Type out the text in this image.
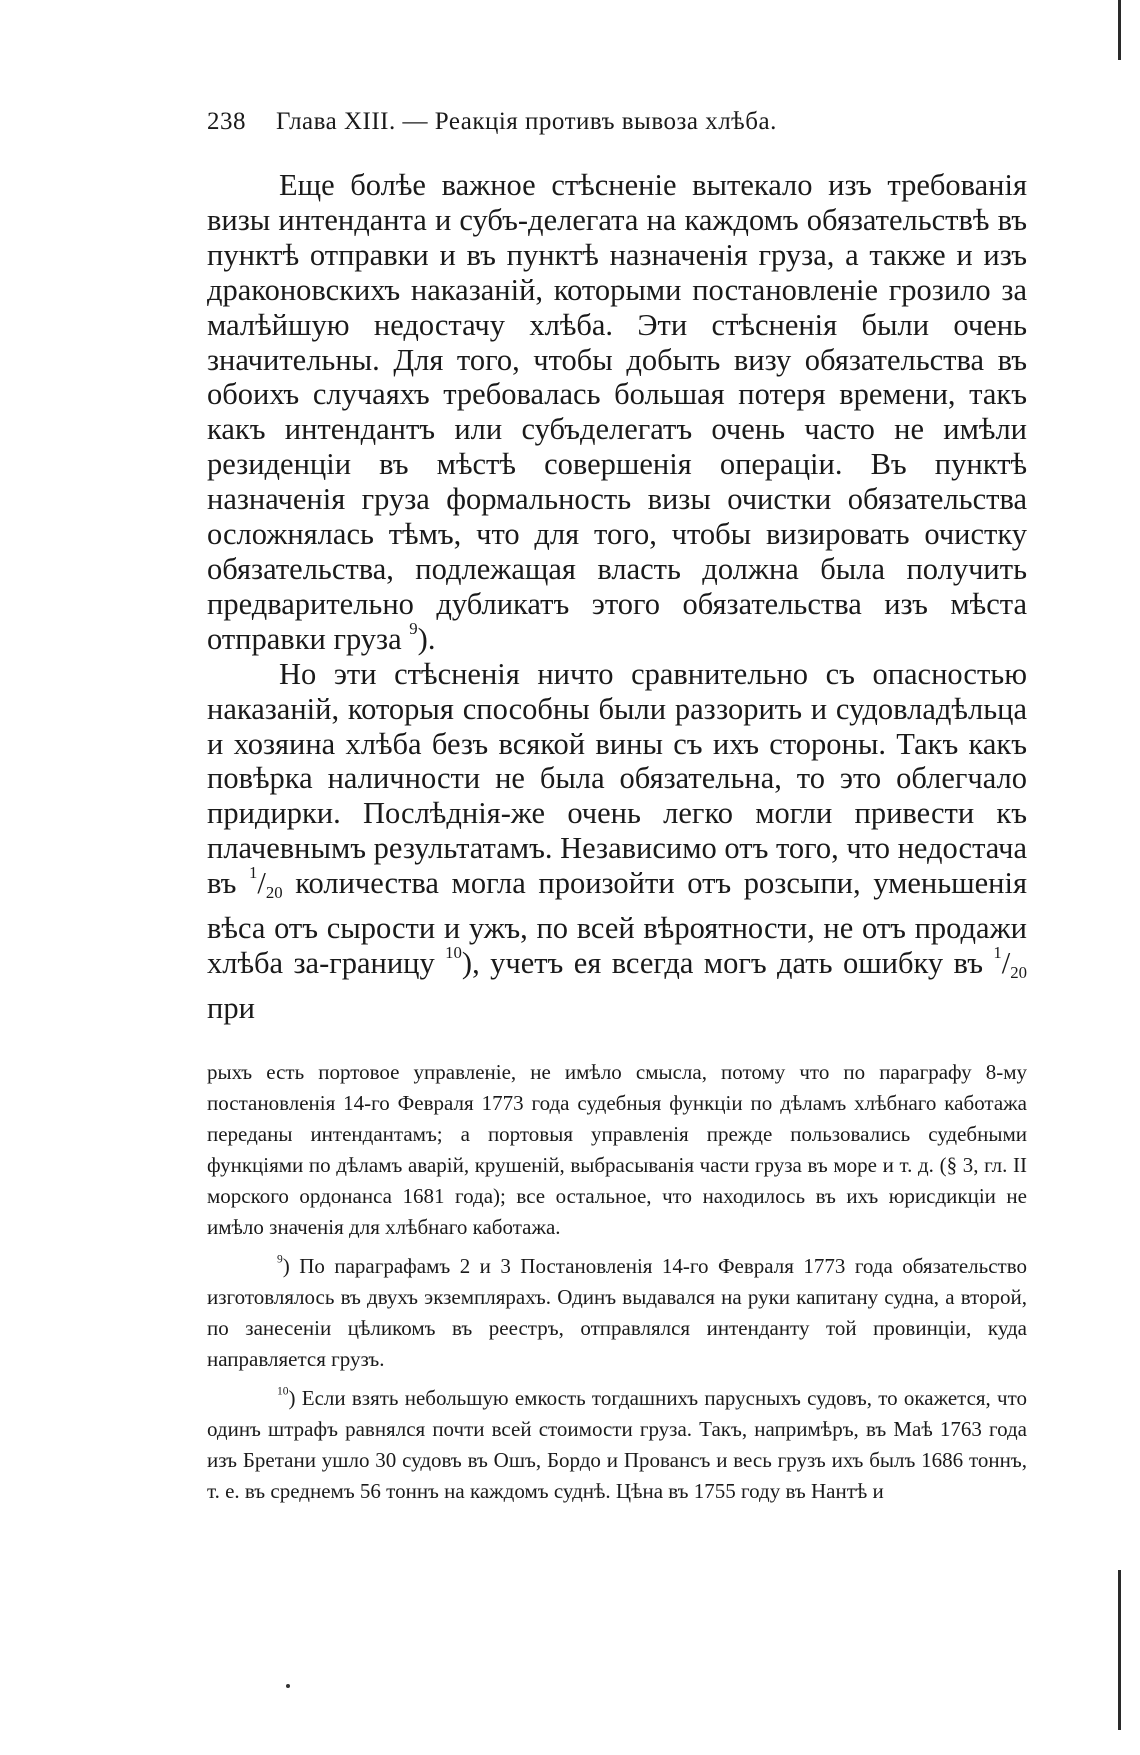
238 Глава XIII. — Реакція противъ вывоза хлѣба.

Еще болѣе важное стѣсненіе вытекало изъ требованія визы интенданта и субъ-делегата на каждомъ обязательствѣ въ пунктѣ отправки и въ пунктѣ назначенія груза, а также и изъ драконовскихъ наказаній, которыми постановленіе грозило за малѣйшую недостачу хлѣба. Эти стѣсненія были очень значительны. Для того, чтобы добыть визу обязательства въ обоихъ случаяхъ требовалась большая потеря времени, такъ какъ интендантъ или субъделегатъ очень часто не имѣли резиденціи въ мѣстѣ совершенія операціи. Въ пунктѣ назначенія груза формальность визы очистки обязательства осложнялась тѣмъ, что для того, чтобы визировать очистку обязательства, подлежащая власть должна была получить предварительно дубликатъ этого обязательства изъ мѣста отправки груза $^9$).

Но эти стѣсненія ничто сравнительно съ опасностью наказаній, которыя способны были раззорить и судовладѣльца и хозяина хлѣба безъ всякой вины съ ихъ стороны. Такъ какъ повѣрка наличности не была обязательна, то это облегчало придирки. Послѣднія-же очень легко могли привести къ плачевнымъ результатамъ. Независимо отъ того, что недостача въ $^1$/20 количества могла произойти отъ розсыпи, уменьшенія вѣса отъ сырости и ужъ, по всей вѣроятности, не отъ продажи хлѣба за-границу $^{10}$), учетъ ея всегда могъ дать ошибку въ $^1$/20 при

рыхъ есть портовое управленіе, не имѣло смысла, потому что по параграфу 8-му постановленія 14-го Февраля 1773 года судебныя функціи по дѣламъ хлѣбнаго каботажа переданы интендантамъ; а портовыя управленія прежде пользовались судебными функціями по дѣламъ аварій, крушеній, выбрасыванія части груза въ море и т. д. (§ 3, гл. II морского ордонанса 1681 года); все остальное, что находилось въ ихъ юрисдикціи не имѣло значенія для хлѣбнаго каботажа.

$^9$) По параграфамъ 2 и 3 Постановленія 14-го Февраля 1773 года обязательство изготовлялось въ двухъ экземплярахъ. Одинъ выдавался на руки капитану судна, а второй, по занесеніи цѣликомъ въ реестръ, отправлялся интенданту той провинціи, куда направляется грузъ.

$^{10}$) Если взять небольшую емкость тогдашнихъ парусныхъ судовъ, то окажется, что одинъ штрафъ равнялся почти всей стоимости груза. Такъ, напримѣръ, въ Маѣ 1763 года изъ Бретани ушло 30 судовъ въ Ошъ, Бордо и Провансъ и весь грузъ ихъ былъ 1686 тоннъ, т. е. въ среднемъ 56 тоннъ на каждомъ суднѣ. Цѣна въ 1755 году въ Нантѣ и
